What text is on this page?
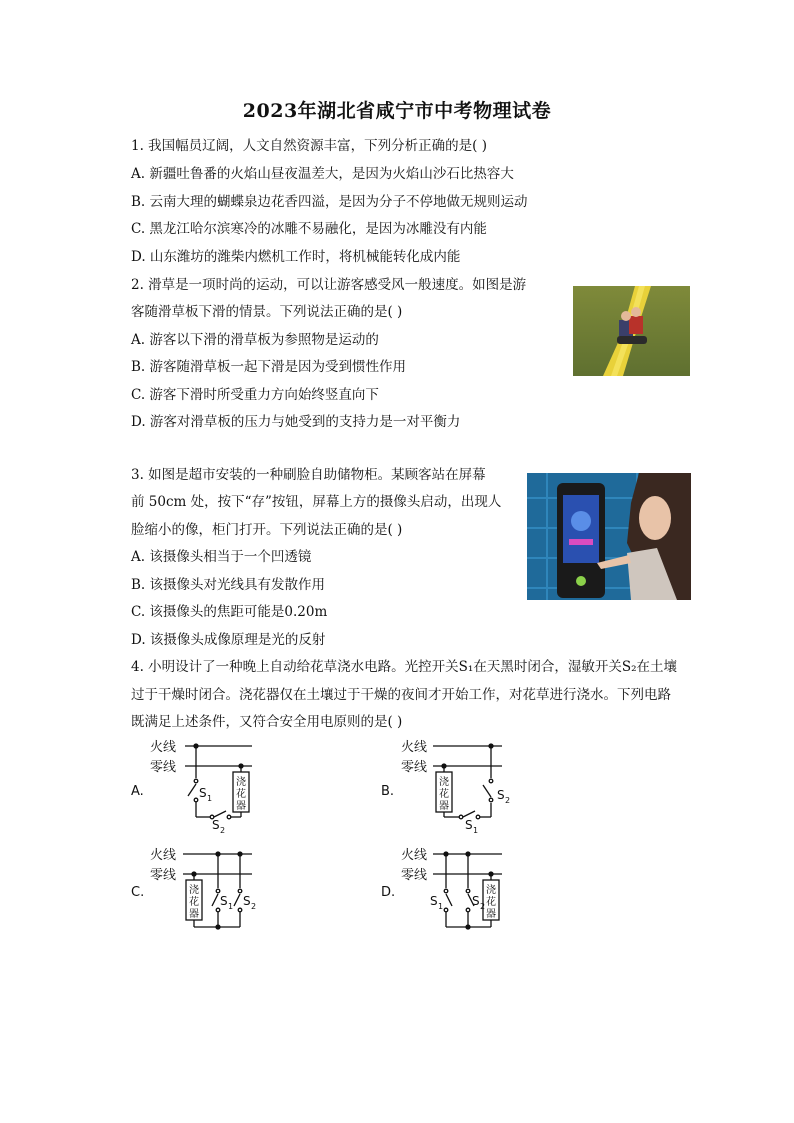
2023年湖北省咸宁市中考物理试卷
1. 我国幅员辽阔，人文自然资源丰富，下列分析正确的是( )
A. 新疆吐鲁番的火焰山昼夜温差大，是因为火焰山沙石比热容大
B. 云南大理的蝴蝶泉边花香四溢，是因为分子不停地做无规则运动
C. 黑龙江哈尔滨寒冷的冰雕不易融化，是因为冰雕没有内能
D. 山东潍坊的潍柴内燃机工作时，将机械能转化成内能
2. 滑草是一项时尚的运动，可以让游客感受风一般速度。如图是游
客随滑草板下滑的情景。下列说法正确的是( )
A. 游客以下滑的滑草板为参照物是运动的
B. 游客随滑草板一起下滑是因为受到惯性作用
C. 游客下滑时所受重力方向始终竖直向下
D. 游客对滑草板的压力与她受到的支持力是一对平衡力
3. 如图是超市安装的一种刷脸自助储物柜。某顾客站在屏幕
前 50cm 处，按下“存”按钮，屏幕上方的摄像头启动，出现人
脸缩小的像，柜门打开。下列说法正确的是( )
A. 该摄像头相当于一个凹透镜
B. 该摄像头对光线具有发散作用
C. 该摄像头的焦距可能是0.20m
D. 该摄像头成像原理是光的反射
4. 小明设计了一种晚上自动给花草浇水电路。光控开关S₁在天黑时闭合，湿敏开关S₂在土壤
过于干燥时闭合。浇花器仅在土壤过于干燥的夜间才开始工作，对花草进行浇水。下列电路
既满足上述条件，又符合安全用电原则的是( )
火线
零线
A.	S 1
S 2
浇
花
器
火线
零线
B.	S 2
S 1
浇
花
器
火线
零线
C.
S 1 S 2
浇
花
器
火线
零线
D.
S 1 S 2
浇
花
器
